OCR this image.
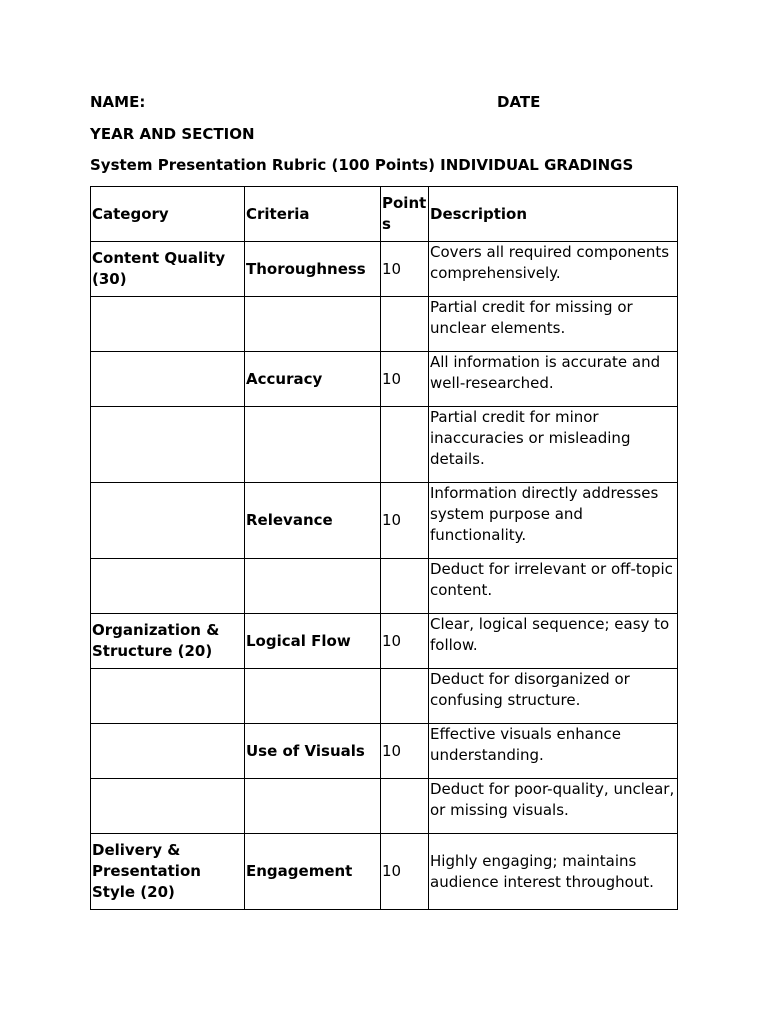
NAME:	DATE
YEAR AND SECTION
System Presentation Rubric (100 Points) INDIVIDUAL GRADINGS
Category	Criteria	Points	Description
Content Quality (30)	Thoroughness	10	Covers all required components comprehensively.
			Partial credit for missing or unclear elements.
	Accuracy	10	All information is accurate and well-researched.
			Partial credit for minor inaccuracies or misleading details.
	Relevance	10	Information directly addresses system purpose and functionality.
			Deduct for irrelevant or off-topic content.
Organization & Structure (20)	Logical Flow	10	Clear, logical sequence; easy to follow.
			Deduct for disorganized or confusing structure.
	Use of Visuals	10	Effective visuals enhance understanding.
			Deduct for poor-quality, unclear, or missing visuals.
Delivery & Presentation Style (20)	Engagement	10	Highly engaging; maintains audience interest throughout.
